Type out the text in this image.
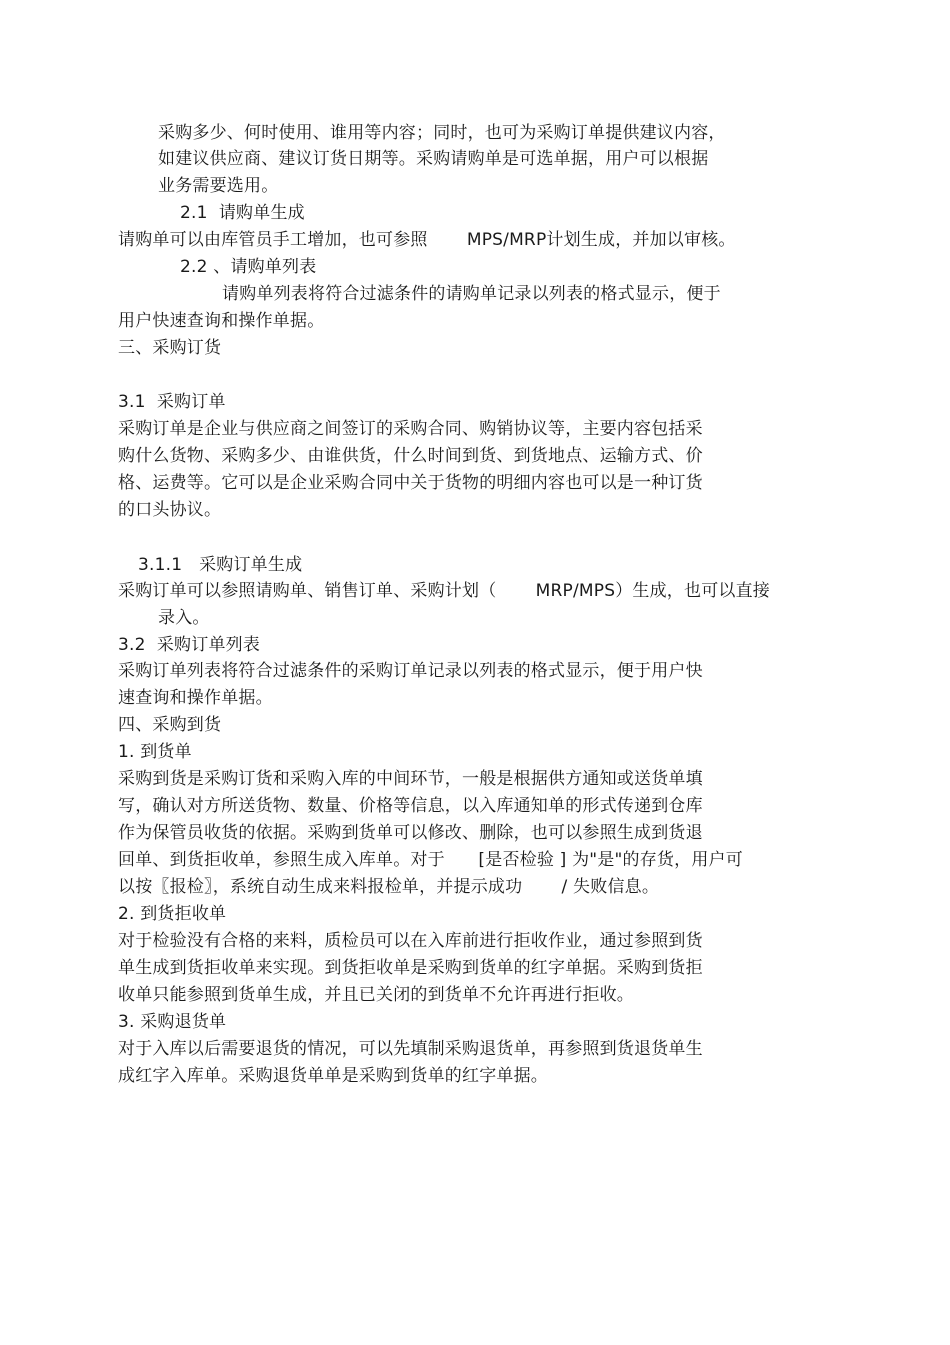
采购多少、何时使用、谁用等内容；同时，也可为采购订单提供建议内容，
如建议供应商、建议订货日期等。采购请购单是可选单据，用户可以根据
业务需要选用。
2.1  请购单生成
请购单可以由库管员手工增加，也可参照       MPS/MRP计划生成，并加以审核。
2.2 、请购单列表
请购单列表将符合过滤条件的请购单记录以列表的格式显示，便于
用户快速查询和操作单据。
三、采购订货
3.1  采购订单
采购订单是企业与供应商之间签订的采购合同、购销协议等，主要内容包括采
购什么货物、采购多少、由谁供货，什么时间到货、到货地点、运输方式、价
格、运费等。它可以是企业采购合同中关于货物的明细内容也可以是一种订货
的口头协议。
3.1.1   采购订单生成
采购订单可以参照请购单、销售订单、采购计划（       MRP/MPS）生成，也可以直接
录入。
3.2  采购订单列表
采购订单列表将符合过滤条件的采购订单记录以列表的格式显示，便于用户快
速查询和操作单据。
四、采购到货
1. 到货单
采购到货是采购订货和采购入库的中间环节，一般是根据供方通知或送货单填
写，确认对方所送货物、数量、价格等信息，以入库通知单的形式传递到仓库
作为保管员收货的依据。采购到货单可以修改、删除，也可以参照生成到货退
回单、到货拒收单，参照生成入库单。对于      [是否检验 ] 为"是"的存货，用户可
以按〖报检〗，系统自动生成来料报检单，并提示成功       / 失败信息。
2. 到货拒收单
对于检验没有合格的来料，质检员可以在入库前进行拒收作业，通过参照到货
单生成到货拒收单来实现。到货拒收单是采购到货单的红字单据。采购到货拒
收单只能参照到货单生成，并且已关闭的到货单不允许再进行拒收。
3. 采购退货单
对于入库以后需要退货的情况，可以先填制采购退货单，再参照到货退货单生
成红字入库单。采购退货单单是采购到货单的红字单据。
